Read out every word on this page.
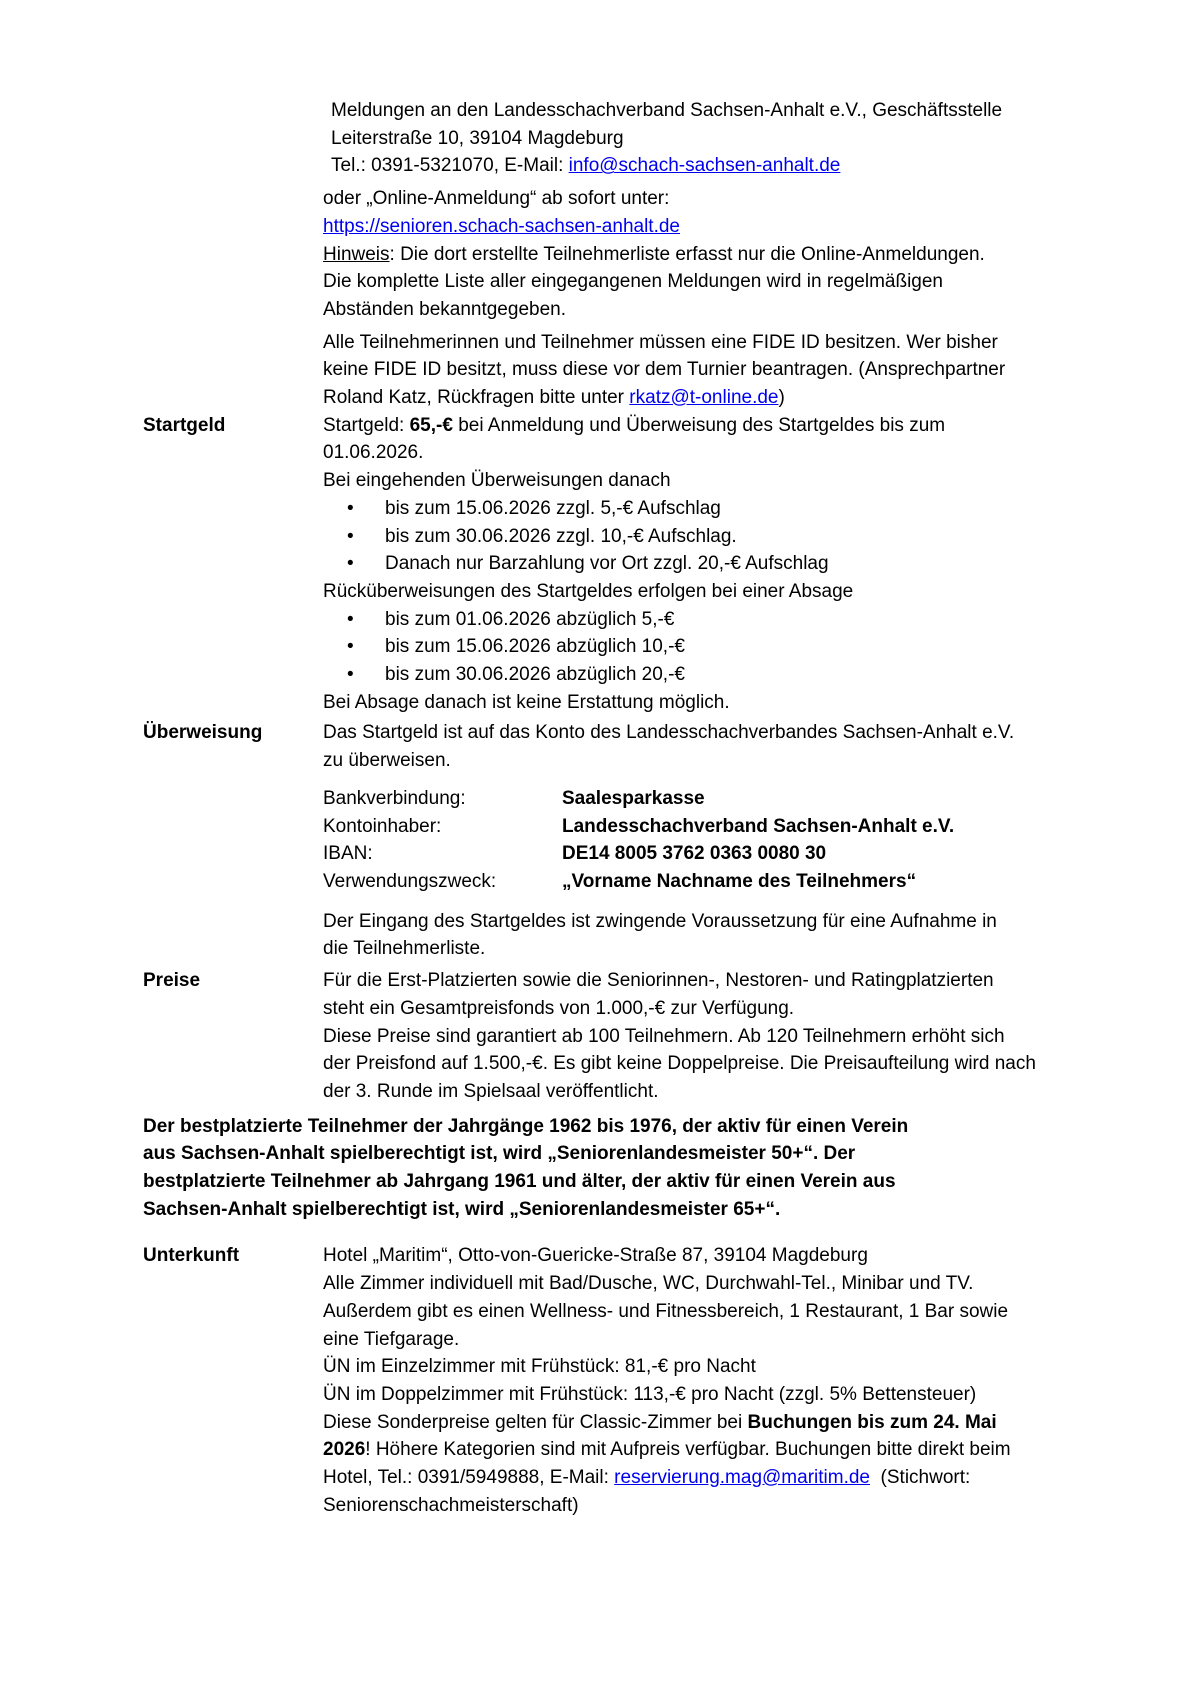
Meldungen an den Landesschachverband Sachsen-Anhalt e.V., Geschäftsstelle
Leiterstraße 10, 39104 Magdeburg
Tel.: 0391-5321070, E-Mail: info@schach-sachsen-anhalt.de
oder „Online-Anmeldung“ ab sofort unter:
https://senioren.schach-sachsen-anhalt.de
Hinweis: Die dort erstellte Teilnehmerliste erfasst nur die Online-Anmeldungen.
Die komplette Liste aller eingegangenen Meldungen wird in regelmäßigen
Abständen bekanntgegeben.
Alle Teilnehmerinnen und Teilnehmer müssen eine FIDE ID besitzen. Wer bisher
keine FIDE ID besitzt, muss diese vor dem Turnier beantragen. (Ansprechpartner
Roland Katz, Rückfragen bitte unter rkatz@t-online.de)
Startgeld	Startgeld: 65,-€ bei Anmeldung und Überweisung des Startgeldes bis zum
01.06.2026.
Bei eingehenden Überweisungen danach
• bis zum 15.06.2026 zzgl. 5,-€ Aufschlag
• bis zum 30.06.2026 zzgl. 10,-€ Aufschlag.
• Danach nur Barzahlung vor Ort zzgl. 20,-€ Aufschlag
Rücküberweisungen des Startgeldes erfolgen bei einer Absage
• bis zum 01.06.2026 abzüglich 5,-€
• bis zum 15.06.2026 abzüglich 10,-€
• bis zum 30.06.2026 abzüglich 20,-€
Bei Absage danach ist keine Erstattung möglich.
Überweisung	Das Startgeld ist auf das Konto des Landesschachverbandes Sachsen-Anhalt e.V.
zu überweisen.
Bankverbindung:	Saalesparkasse
Kontoinhaber:	Landesschachverband Sachsen-Anhalt e.V.
IBAN:	DE14 8005 3762 0363 0080 30
Verwendungszweck:	„Vorname Nachname des Teilnehmers“
Der Eingang des Startgeldes ist zwingende Voraussetzung für eine Aufnahme in
die Teilnehmerliste.
Preise	Für die Erst-Platzierten sowie die Seniorinnen-, Nestoren- und Ratingplatzierten
steht ein Gesamtpreisfonds von 1.000,-€ zur Verfügung.
Diese Preise sind garantiert ab 100 Teilnehmern. Ab 120 Teilnehmern erhöht sich
der Preisfond auf 1.500,-€. Es gibt keine Doppelpreise. Die Preisaufteilung wird nach
der 3. Runde im Spielsaal veröffentlicht.
Der bestplatzierte Teilnehmer der Jahrgänge 1962 bis 1976, der aktiv für einen Verein
aus Sachsen-Anhalt spielberechtigt ist, wird „Seniorenlandesmeister 50+“. Der
bestplatzierte Teilnehmer ab Jahrgang 1961 und älter, der aktiv für einen Verein aus
Sachsen-Anhalt spielberechtigt ist, wird „Seniorenlandesmeister 65+“.
Unterkunft	Hotel „Maritim“, Otto-von-Guericke-Straße 87, 39104 Magdeburg
Alle Zimmer individuell mit Bad/Dusche, WC, Durchwahl-Tel., Minibar und TV.
Außerdem gibt es einen Wellness- und Fitnessbereich, 1 Restaurant, 1 Bar sowie
eine Tiefgarage.
ÜN im Einzelzimmer mit Frühstück: 81,-€ pro Nacht
ÜN im Doppelzimmer mit Frühstück: 113,-€ pro Nacht (zzgl. 5% Bettensteuer)
Diese Sonderpreise gelten für Classic-Zimmer bei Buchungen bis zum 24. Mai
2026! Höhere Kategorien sind mit Aufpreis verfügbar. Buchungen bitte direkt beim
Hotel, Tel.: 0391/5949888, E-Mail: reservierung.mag@maritim.de  (Stichwort:
Seniorenschachmeisterschaft)
